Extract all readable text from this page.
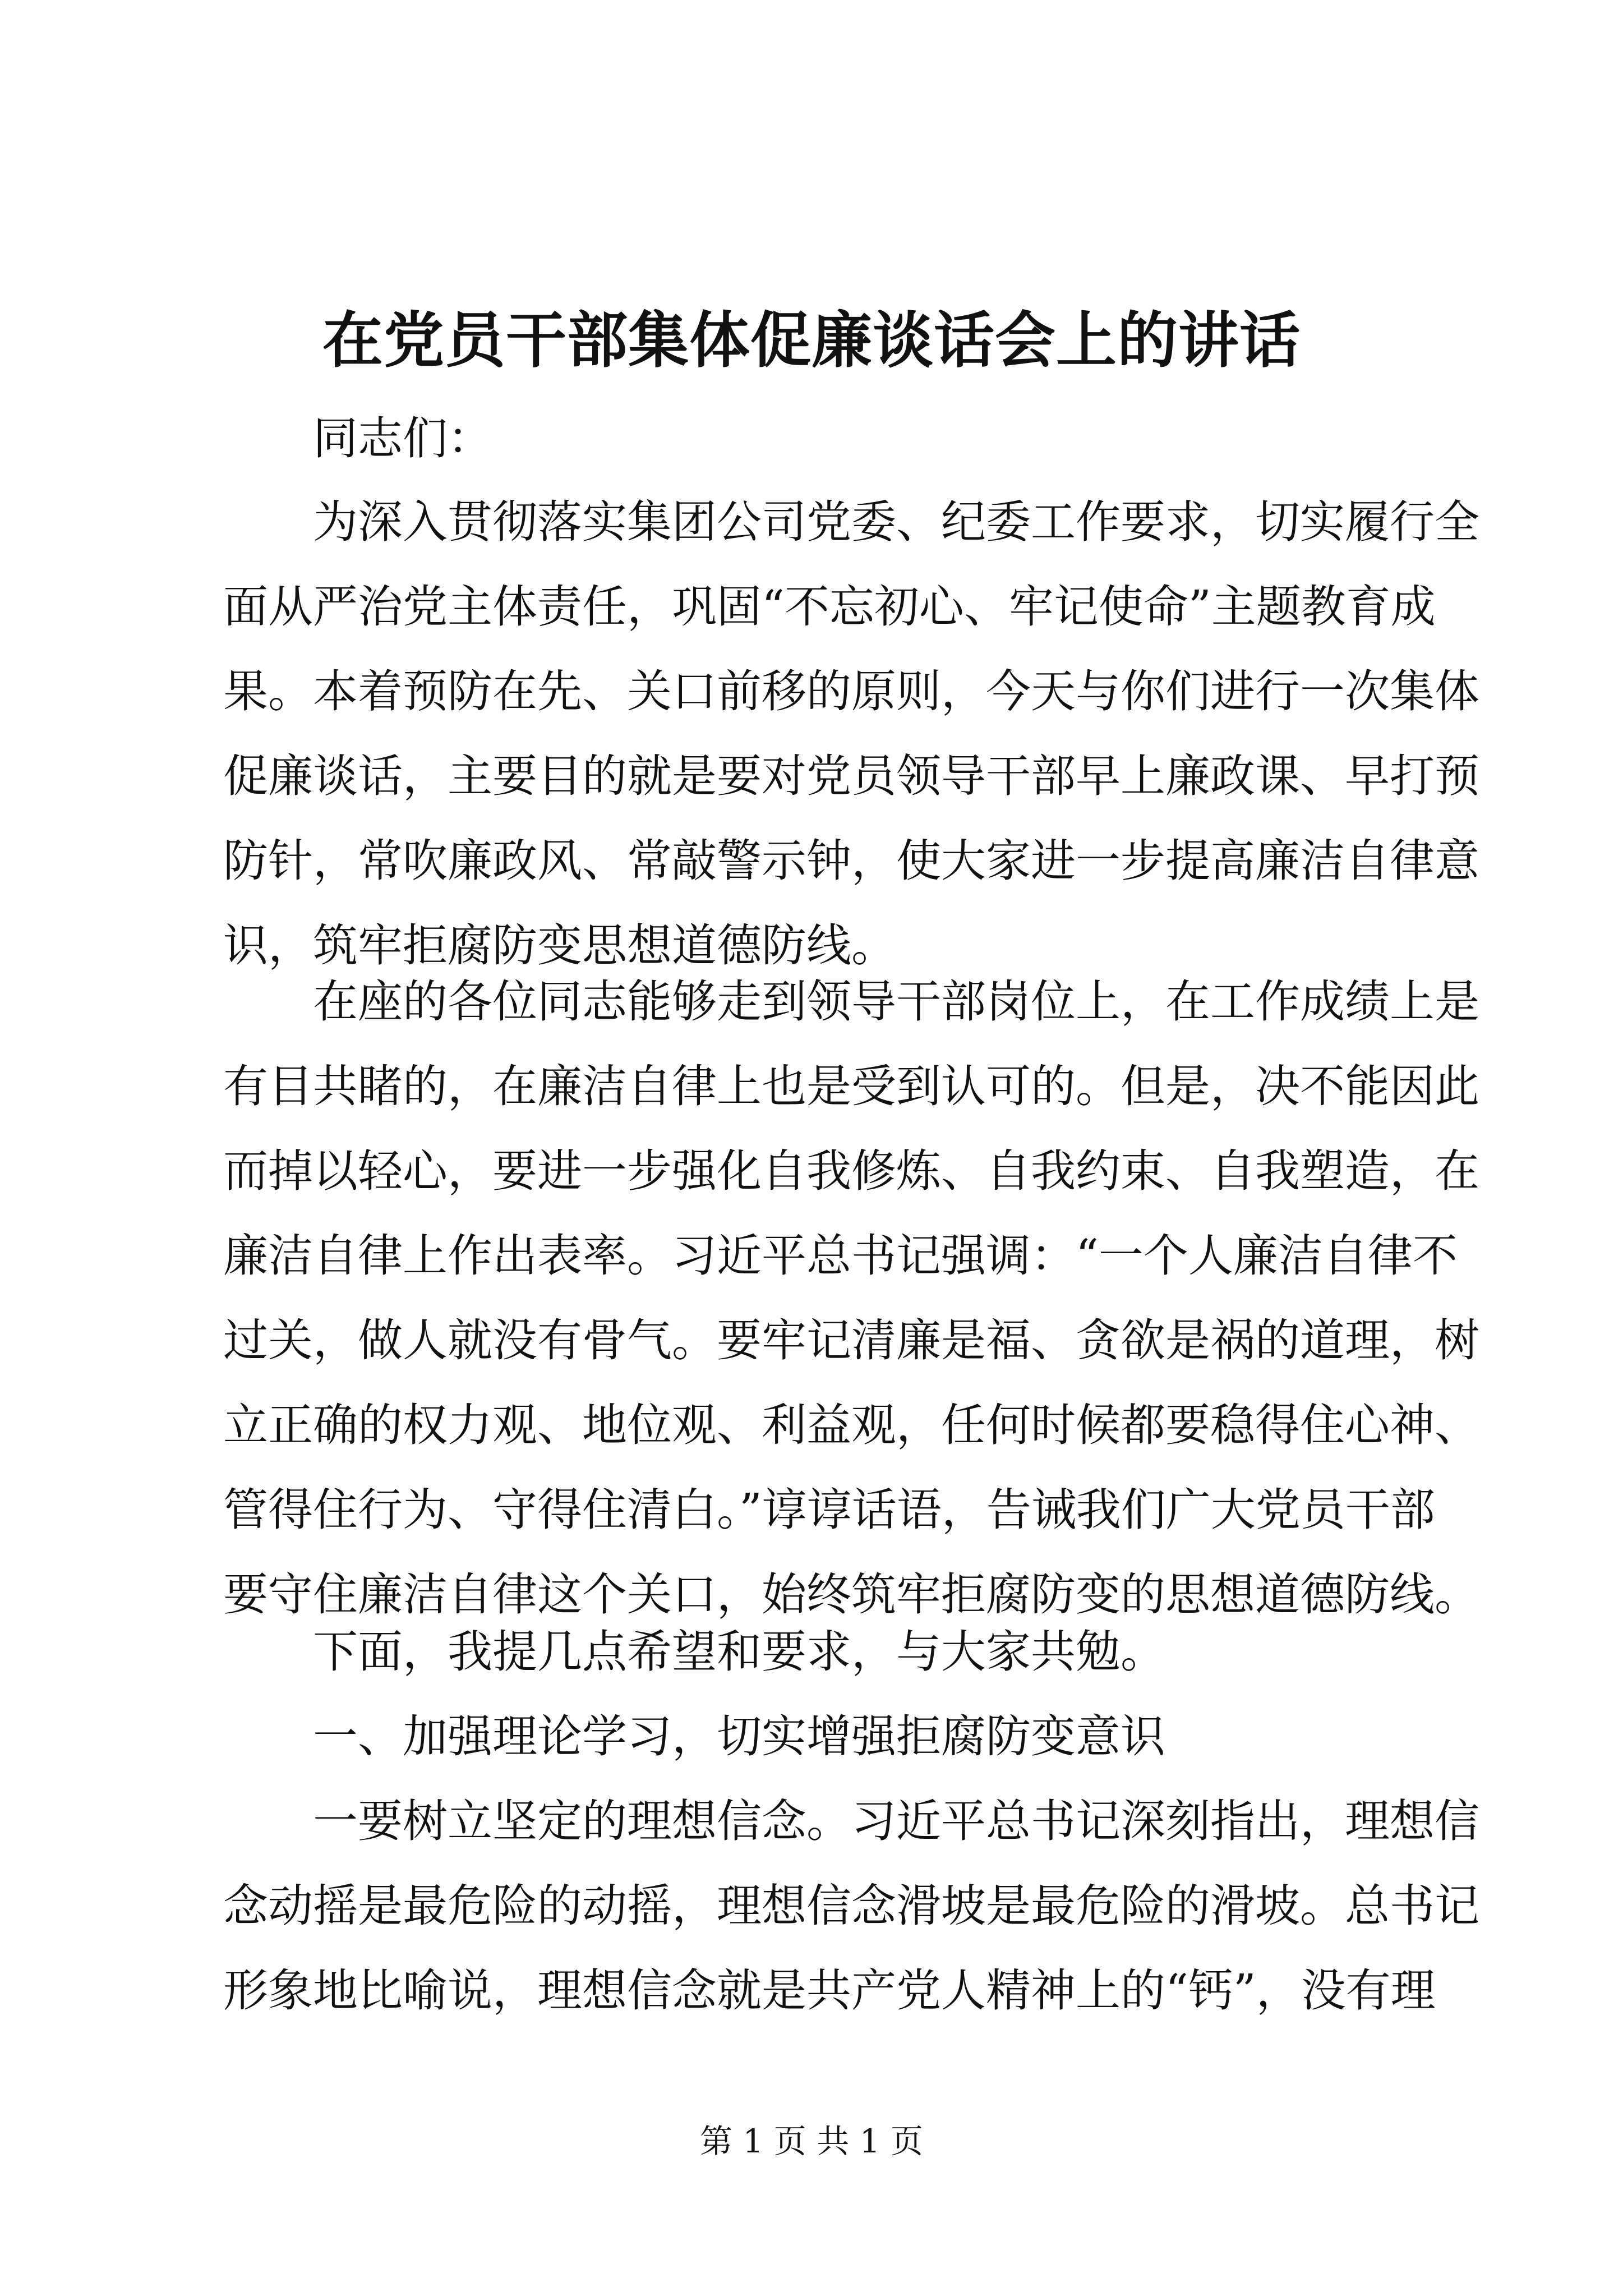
在党员干部集体促廉谈话会上的讲话

同志们：

为深入贯彻落实集团公司党委、纪委工作要求，切实履行全
面从严治党主体责任，巩固“不忘初心、牢记使命”主题教育成
果。本着预防在先、关口前移的原则，今天与你们进行一次集体
促廉谈话，主要目的就是要对党员领导干部早上廉政课、早打预
防针，常吹廉政风、常敲警示钟，使大家进一步提高廉洁自律意
识，筑牢拒腐防变思想道德防线。

在座的各位同志能够走到领导干部岗位上，在工作成绩上是
有目共睹的，在廉洁自律上也是受到认可的。但是，决不能因此
而掉以轻心，要进一步强化自我修炼、自我约束、自我塑造，在
廉洁自律上作出表率。习近平总书记强调：“一个人廉洁自律不
过关，做人就没有骨气。要牢记清廉是福、贪欲是祸的道理，树
立正确的权力观、地位观、利益观，任何时候都要稳得住心神、
管得住行为、守得住清白。”谆谆话语，告诫我们广大党员干部
要守住廉洁自律这个关口，始终筑牢拒腐防变的思想道德防线。

下面，我提几点希望和要求，与大家共勉。

一、加强理论学习，切实增强拒腐防变意识

一要树立坚定的理想信念。习近平总书记深刻指出，理想信
念动摇是最危险的动摇，理想信念滑坡是最危险的滑坡。总书记
形象地比喻说，理想信念就是共产党人精神上的“钙”，没有理

第 1 页 共 1 页
